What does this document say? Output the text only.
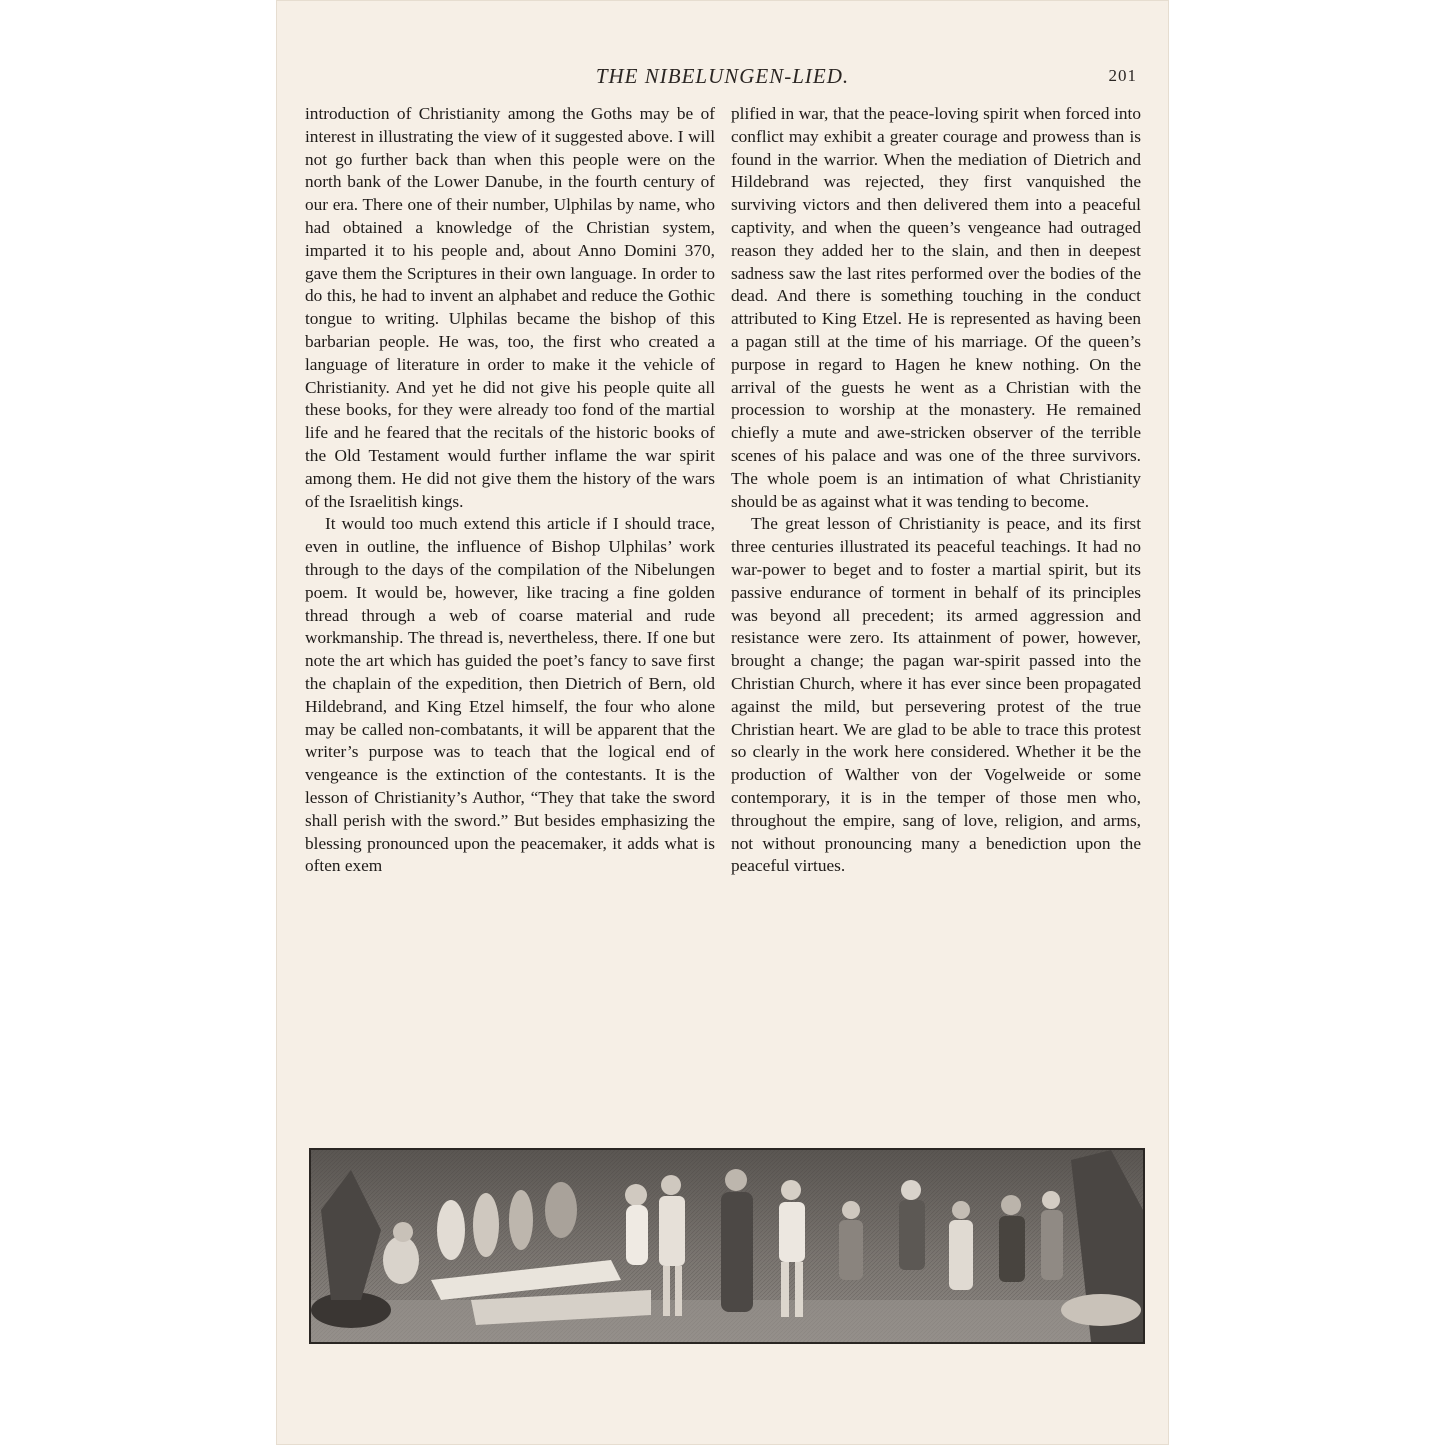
THE NIBELUNGEN-LIED.	201

introduction of Christianity among the Goths may be of interest in illustrating the view of it suggested above. I will not go further back than when this people were on the north bank of the Lower Danube, in the fourth century of our era. There one of their number, Ulphilas by name, who had obtained a knowledge of the Christian system, imparted it to his people and, about Anno Domini 370, gave them the Scriptures in their own language. In order to do this, he had to invent an alphabet and reduce the Gothic tongue to writing. Ulphilas became the bishop of this barbarian people. He was, too, the first who created a language of literature in order to make it the vehicle of Christianity. And yet he did not give his people quite all these books, for they were already too fond of the martial life and he feared that the recitals of the historic books of the Old Testament would further inflame the war spirit among them. He did not give them the history of the wars of the Israelitish kings.

It would too much extend this article if I should trace, even in outline, the influence of Bishop Ulphilas’ work through to the days of the compilation of the Nibelungen poem. It would be, however, like tracing a fine golden thread through a web of coarse material and rude workmanship. The thread is, nevertheless, there. If one but note the art which has guided the poet’s fancy to save first the chaplain of the expedition, then Dietrich of Bern, old Hildebrand, and King Etzel himself, the four who alone may be called non-combatants, it will be apparent that the writer’s purpose was to teach that the logical end of vengeance is the extinction of the contestants. It is the lesson of Christianity’s Author, “They that take the sword shall perish with the sword.” But besides emphasizing the blessing pronounced upon the peacemaker, it adds what is often exem

plified in war, that the peace-loving spirit when forced into conflict may exhibit a greater courage and prowess than is found in the warrior. When the mediation of Dietrich and Hildebrand was rejected, they first vanquished the surviving victors and then delivered them into a peaceful captivity, and when the queen’s vengeance had outraged reason they added her to the slain, and then in deepest sadness saw the last rites performed over the bodies of the dead. And there is something touching in the conduct attributed to King Etzel. He is represented as having been a pagan still at the time of his marriage. Of the queen’s purpose in regard to Hagen he knew nothing. On the arrival of the guests he went as a Christian with the procession to worship at the monastery. He remained chiefly a mute and awe-stricken observer of the terrible scenes of his palace and was one of the three survivors. The whole poem is an intimation of what Christianity should be as against what it was tending to become.

The great lesson of Christianity is peace, and its first three centuries illustrated its peaceful teachings. It had no war-power to beget and to foster a martial spirit, but its passive endurance of torment in behalf of its principles was beyond all precedent; its armed aggression and resistance were zero. Its attainment of power, however, brought a change; the pagan war-spirit passed into the Christian Church, where it has ever since been propagated against the mild, but persevering protest of the true Christian heart. We are glad to be able to trace this protest so clearly in the work here considered. Whether it be the production of Walther von der Vogelweide or some contemporary, it is in the temper of those men who, throughout the empire, sang of love, religion, and arms, not without pronouncing many a benediction upon the peaceful virtues.
